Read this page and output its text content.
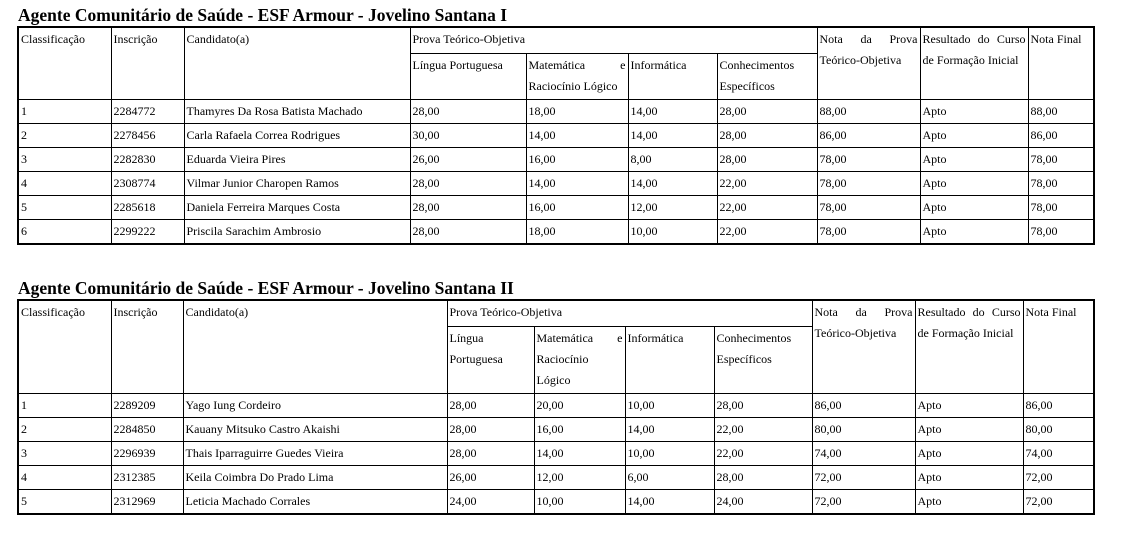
Agente Comunitário de Saúde - ESF Armour - Jovelino Santana I
Classificação	Inscrição	Candidato(a)	Prova Teórico-Objetiva				Nota da Prova Teórico-Objetiva	Resultado do Curso de Formação Inicial	Nota Final
			Língua Portuguesa	Matemática e Raciocínio Lógico	Informática	Conhecimentos Específicos			
1	2284772	Thamyres Da Rosa Batista Machado	28,00	18,00	14,00	28,00	88,00	Apto	88,00
2	2278456	Carla Rafaela Correa Rodrigues	30,00	14,00	14,00	28,00	86,00	Apto	86,00
3	2282830	Eduarda Vieira Pires	26,00	16,00	8,00	28,00	78,00	Apto	78,00
4	2308774	Vilmar Junior Charopen Ramos	28,00	14,00	14,00	22,00	78,00	Apto	78,00
5	2285618	Daniela Ferreira Marques Costa	28,00	16,00	12,00	22,00	78,00	Apto	78,00
6	2299222	Priscila Sarachim Ambrosio	28,00	18,00	10,00	22,00	78,00	Apto	78,00
Agente Comunitário de Saúde - ESF Armour - Jovelino Santana II
Classificação	Inscrição	Candidato(a)	Prova Teórico-Objetiva				Nota da Prova Teórico-Objetiva	Resultado do Curso de Formação Inicial	Nota Final
			Língua Portuguesa	Matemática e Raciocínio Lógico	Informática	Conhecimentos Específicos			
1	2289209	Yago Iung Cordeiro	28,00	20,00	10,00	28,00	86,00	Apto	86,00
2	2284850	Kauany Mitsuko Castro Akaishi	28,00	16,00	14,00	22,00	80,00	Apto	80,00
3	2296939	Thais Iparraguirre Guedes Vieira	28,00	14,00	10,00	22,00	74,00	Apto	74,00
4	2312385	Keila Coimbra Do Prado Lima	26,00	12,00	6,00	28,00	72,00	Apto	72,00
5	2312969	Leticia Machado Corrales	24,00	10,00	14,00	24,00	72,00	Apto	72,00
